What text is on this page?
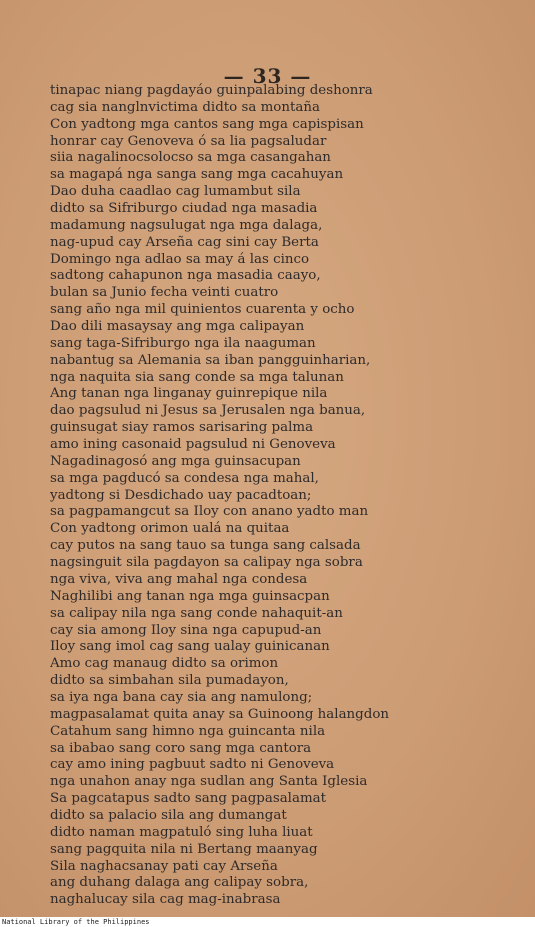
— 33 —
tinapac niang pagdayáo guinpalabing deshonra
cag sia nanglnvictima didto sa montaña
Con yadtong mga cantos sang mga capispisan
honrar cay Genoveva ó sa lia pagsaludar
siia nagalinocsolocso sa mga casangahan
sa magapá nga sanga sang mga cacahuyan
Dao duha caadlao cag lumambut sila
didto sa Sifriburgo ciudad nga masadia
madamung nagsulugat nga mga dalaga,
nag-upud cay Arseña cag sini cay Berta
Domingo nga adlao sa may á las cinco
sadtong cahapunon nga masadia caayo,
bulan sa Junio fecha veinti cuatro
sang año nga mil quinientos cuarenta y ocho
Dao dili masaysay ang mga calipayan
sang taga-Sifriburgo nga ila naaguman
nabantug sa Alemania sa iban pangguinharian,
nga naquita sia sang conde sa mga talunan
Ang tanan nga linganay guinrepique nila
dao pagsulud ni Jesus sa Jerusalen nga banua,
guinsugat siay ramos sarisaring palma
amo ining casonaid pagsulud ni Genoveva
Nagadinagosó ang mga guinsacupan
sa mga pagducó sa condesa nga mahal,
yadtong si Desdichado uay pacadtoan;
sa pagpamangcut sa Iloy con anano yadto man
Con yadtong orimon ualá na quitaa
cay putos na sang tauo sa tunga sang calsada
nagsinguit sila pagdayon sa calipay nga sobra
nga viva, viva ang mahal nga condesa
Naghilibi ang tanan nga mga guinsacpan
sa calipay nila nga sang conde nahaquit-an
cay sia among Iloy sina nga capupud-an
Iloy sang imol cag sang ualay guinicanan
Amo cag manaug didto sa orimon
didto sa simbahan sila pumadayon,
sa iya nga bana cay sia ang namulong;
magpasalamat quita anay sa Guinoong halangdon
Catahum sang himno nga guincanta nila
sa ibabao sang coro sang mga cantora
cay amo ining pagbuut sadto ni Genoveva
nga unahon anay nga sudlan ang Santa Iglesia
Sa pagcatapus sadto sang pagpasalamat
didto sa palacio sila ang dumangat
didto naman magpatuló sing luha liuat
sang pagquita nila ni Bertang maanyag
Sila naghacsanay pati cay Arseña
ang duhang dalaga ang calipay sobra,
naghalucay sila cag mag-inabrasa
National Library of the Philippines
